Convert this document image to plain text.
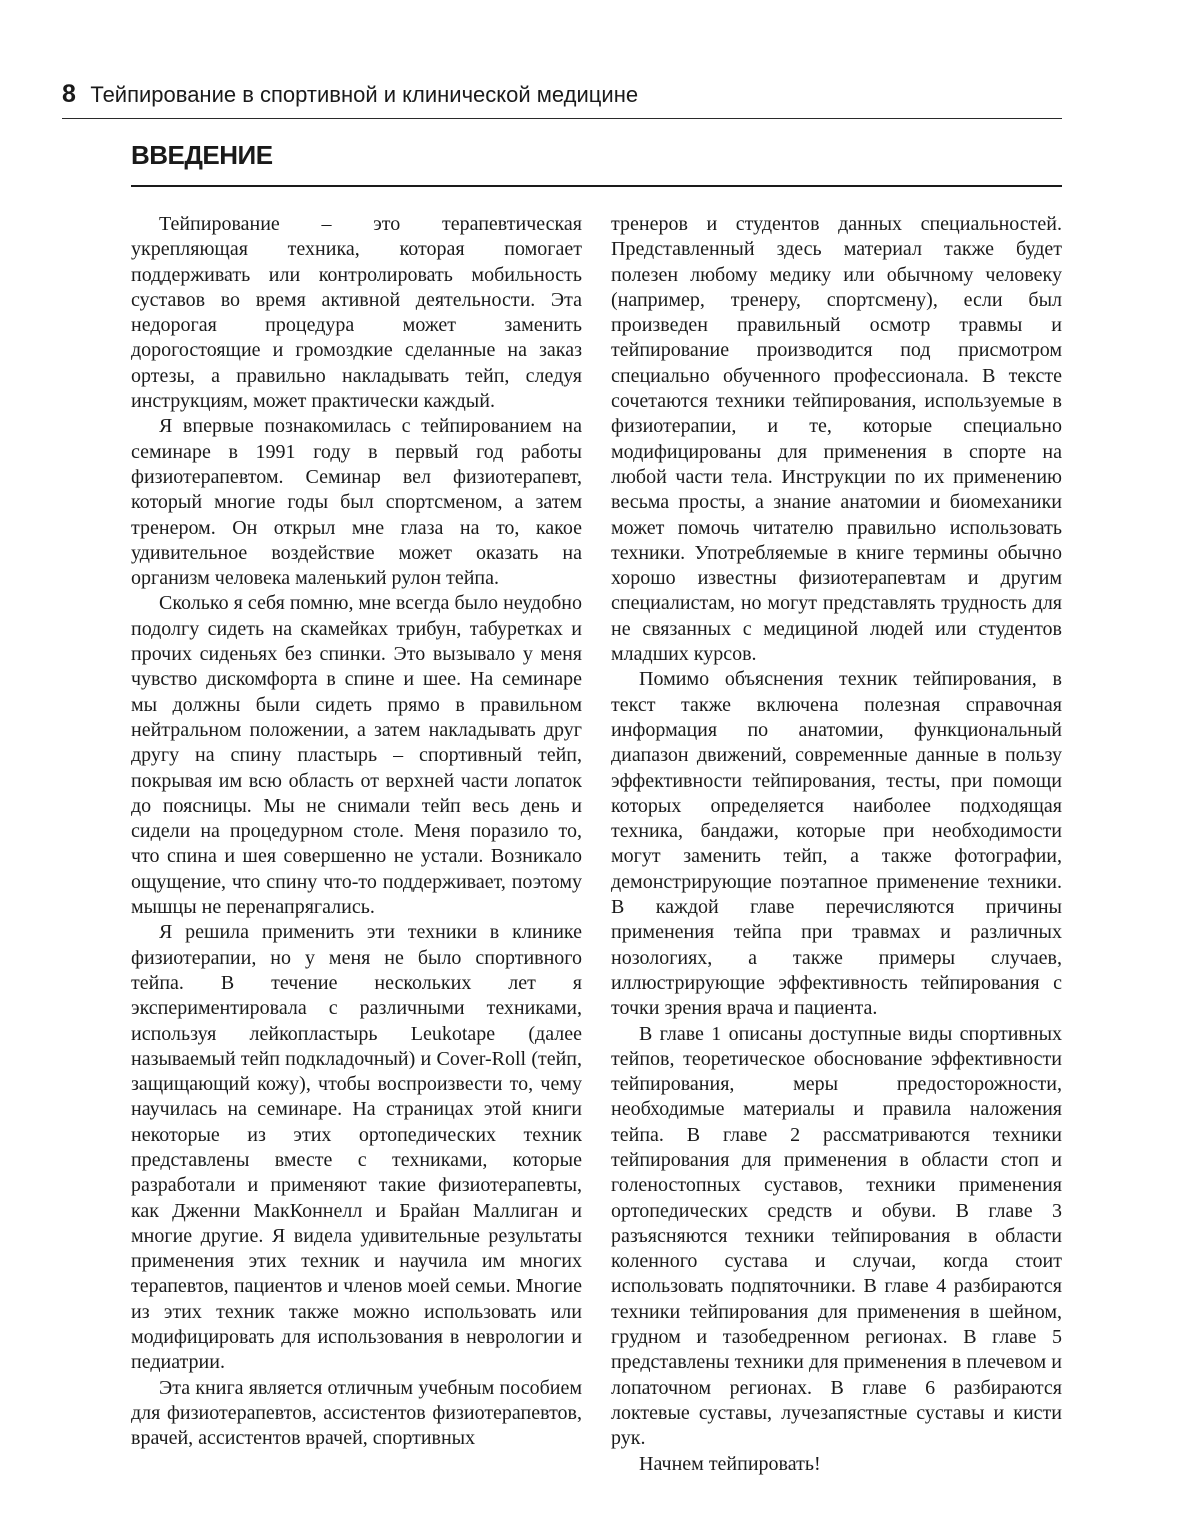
8 Тейпирование в спортивной и клинической медицине
ВВЕДЕНИЕ

Тейпирование – это терапевтическая укрепляющая техника, которая помогает поддерживать или контролировать мобильность суставов во время активной деятельности. Эта недорогая процедура может заменить дорогостоящие и громоздкие сделанные на заказ ортезы, а правильно накладывать тейп, следуя инструкциям, может практически каждый.

Я впервые познакомилась с тейпированием на семинаре в 1991 году в первый год работы физиотерапевтом. Семинар вел физиотерапевт, который многие годы был спортсменом, а затем тренером. Он открыл мне глаза на то, какое удивительное воздействие может оказать на организм человека маленький рулон тейпа.

Сколько я себя помню, мне всегда было неудобно подолгу сидеть на скамейках трибун, табуретках и прочих сиденьях без спинки. Это вызывало у меня чувство дискомфорта в спине и шее. На семинаре мы должны были сидеть прямо в правильном нейтральном положении, а затем накладывать друг другу на спину пластырь – спортивный тейп, покрывая им всю область от верхней части лопаток до поясницы. Мы не снимали тейп весь день и сидели на процедурном столе. Меня поразило то, что спина и шея совершенно не устали. Возникало ощущение, что спину что-то поддерживает, поэтому мышцы не перенапрягались.

Я решила применить эти техники в клинике физиотерапии, но у меня не было спортивного тейпа. В течение нескольких лет я экспериментировала с различными техниками, используя лейкопластырь Leukotape (далее называемый тейп подкладочный) и Cover-Roll (тейп, защищающий кожу), чтобы воспроизвести то, чему научилась на семинаре. На страницах этой книги некоторые из этих ортопедических техник представлены вместе с техниками, которые разработали и применяют такие физиотерапевты, как Дженни МакКоннелл и Брайан Маллиган и многие другие. Я видела удивительные результаты применения этих техник и научила им многих терапевтов, пациентов и членов моей семьи. Многие из этих техник также можно использовать или модифицировать для использования в неврологии и педиатрии.

Эта книга является отличным учебным пособием для физиотерапевтов, ассистентов физиотерапевтов, врачей, ассистентов врачей, спортивных

тренеров и студентов данных специальностей. Представленный здесь материал также будет полезен любому медику или обычному человеку (например, тренеру, спортсмену), если был произведен правильный осмотр травмы и тейпирование производится под присмотром специально обученного профессионала. В тексте сочетаются техники тейпирования, используемые в физиотерапии, и те, которые специально модифицированы для применения в спорте на любой части тела. Инструкции по их применению весьма просты, а знание анатомии и биомеханики может помочь читателю правильно использовать техники. Употребляемые в книге термины обычно хорошо известны физиотерапевтам и другим специалистам, но могут представлять трудность для не связанных с медициной людей или студентов младших курсов.

Помимо объяснения техник тейпирования, в текст также включена полезная справочная информация по анатомии, функциональный диапазон движений, современные данные в пользу эффективности тейпирования, тесты, при помощи которых определяется наиболее подходящая техника, бандажи, которые при необходимости могут заменить тейп, а также фотографии, демонстрирующие поэтапное применение техники. В каждой главе перечисляются причины применения тейпа при травмах и различных нозологиях, а также примеры случаев, иллюстрирующие эффективность тейпирования с точки зрения врача и пациента.

В главе 1 описаны доступные виды спортивных тейпов, теоретическое обоснование эффективности тейпирования, меры предосторожности, необходимые материалы и правила наложения тейпа. В главе 2 рассматриваются техники тейпирования для применения в области стоп и голеностопных суставов, техники применения ортопедических средств и обуви. В главе 3 разъясняются техники тейпирования в области коленного сустава и случаи, когда стоит использовать подпяточники. В главе 4 разбираются техники тейпирования для применения в шейном, грудном и тазобедренном регионах. В главе 5 представлены техники для применения в плечевом и лопаточном регионах. В главе 6 разбираются локтевые суставы, лучезапястные суставы и кисти рук.

Начнем тейпировать!
